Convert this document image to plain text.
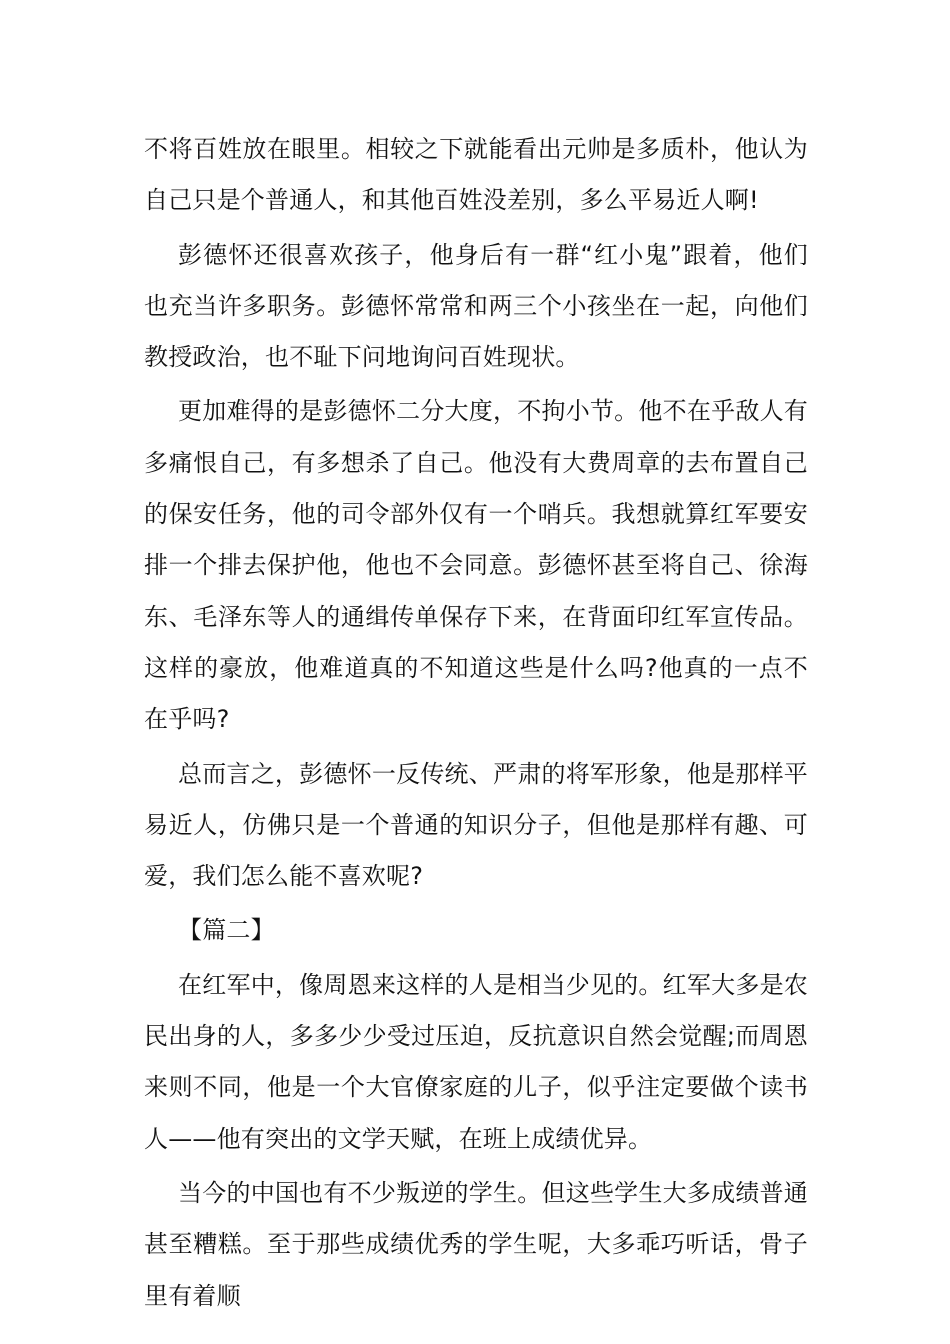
不将百姓放在眼里。相较之下就能看出元帅是多质朴，他认为自己只是个普通人，和其他百姓没差别，多么平易近人啊!

彭德怀还很喜欢孩子，他身后有一群“红小鬼”跟着，他们也充当许多职务。彭德怀常常和两三个小孩坐在一起，向他们教授政治，也不耻下问地询问百姓现状。

更加难得的是彭德怀二分大度，不拘小节。他不在乎敌人有多痛恨自己，有多想杀了自己。他没有大费周章的去布置自己的保安任务，他的司令部外仅有一个哨兵。我想就算红军要安排一个排去保护他，他也不会同意。彭德怀甚至将自己、徐海东、毛泽东等人的通缉传单保存下来，在背面印红军宣传品。这样的豪放，他难道真的不知道这些是什么吗?他真的一点不在乎吗?

总而言之，彭德怀一反传统、严肃的将军形象，他是那样平易近人，仿佛只是一个普通的知识分子，但他是那样有趣、可爱，我们怎么能不喜欢呢?

【篇二】

在红军中，像周恩来这样的人是相当少见的。红军大多是农民出身的人，多多少少受过压迫，反抗意识自然会觉醒;而周恩来则不同，他是一个大官僚家庭的儿子，似乎注定要做个读书人——他有突出的文学天赋，在班上成绩优异。

当今的中国也有不少叛逆的学生。但这些学生大多成绩普通甚至糟糕。至于那些成绩优秀的学生呢，大多乖巧听话，骨子里有着顺
